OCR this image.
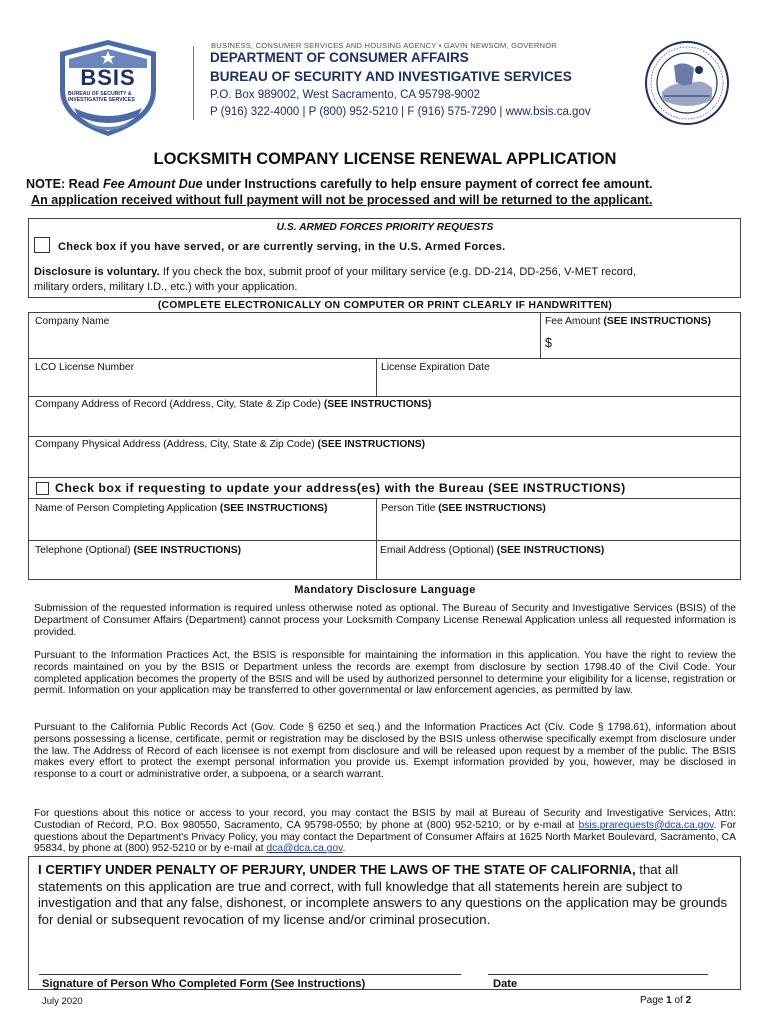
BSIS
BUREAU OF SECURITY & INVESTIGATIVE SERVICES
BUSINESS, CONSUMER SERVICES AND HOUSING AGENCY • GAVIN NEWSOM, GOVERNOR
DEPARTMENT OF CONSUMER AFFAIRS
BUREAU OF SECURITY AND INVESTIGATIVE SERVICES
P.O. Box 989002, West Sacramento, CA 95798-9002
P (916) 322-4000 | P (800) 952-5210 | F (916) 575-7290 | www.bsis.ca.gov
LOCKSMITH COMPANY LICENSE RENEWAL APPLICATION
NOTE: Read Fee Amount Due under Instructions carefully to help ensure payment of correct fee amount.
An application received without full payment will not be processed and will be returned to the applicant.
U.S. ARMED FORCES PRIORITY REQUESTS
Check box if you have served, or are currently serving, in the U.S. Armed Forces.
Disclosure is voluntary. If you check the box, submit proof of your military service (e.g. DD-214, DD-256, V-MET record,
military orders, military I.D., etc.) with your application.
(COMPLETE ELECTRONICALLY ON COMPUTER OR PRINT CLEARLY IF HANDWRITTEN)
Company Name	Fee Amount (SEE INSTRUCTIONS)
$
LCO License Number	License Expiration Date
Company Address of Record (Address, City, State & Zip Code) (SEE INSTRUCTIONS)
Company Physical Address (Address, City, State & Zip Code) (SEE INSTRUCTIONS)
Check box if requesting to update your address(es) with the Bureau (SEE INSTRUCTIONS)
Name of Person Completing Application (SEE INSTRUCTIONS)	Person Title (SEE INSTRUCTIONS)
Telephone (Optional) (SEE INSTRUCTIONS)	Email Address (Optional) (SEE INSTRUCTIONS)
Mandatory Disclosure Language
Submission of the requested information is required unless otherwise noted as optional. The Bureau of Security and Investigative Services (BSIS) of the Department of Consumer Affairs (Department) cannot process your Locksmith Company License Renewal Application unless all requested information is provided.
Pursuant to the Information Practices Act, the BSIS is responsible for maintaining the information in this application. You have the right to review the records maintained on you by the BSIS or Department unless the records are exempt from disclosure by section 1798.40 of the Civil Code. Your completed application becomes the property of the BSIS and will be used by authorized personnel to determine your eligibility for a license, registration or permit. Information on your application may be transferred to other governmental or law enforcement agencies, as permitted by law.
Pursuant to the California Public Records Act (Gov. Code § 6250 et seq.) and the Information Practices Act (Civ. Code § 1798.61), information about persons possessing a license, certificate, permit or registration may be disclosed by the BSIS unless otherwise specifically exempt from disclosure under the law. The Address of Record of each licensee is not exempt from disclosure and will be released upon request by a member of the public. The BSIS makes every effort to protect the exempt personal information you provide us. Exempt information provided by you, however, may be disclosed in response to a court or administrative order, a subpoena, or a search warrant.
For questions about this notice or access to your record, you may contact the BSIS by mail at Bureau of Security and Investigative Services, Attn: Custodian of Record, P.O. Box 980550, Sacramento, CA 95798-0550; by phone at (800) 952-5210; or by e-mail at bsis.prarequests@dca.ca.gov. For questions about the Department's Privacy Policy, you may contact the Department of Consumer Affairs at 1625 North Market Boulevard, Sacramento, CA 95834, by phone at (800) 952-5210 or by e-mail at dca@dca.ca.gov.
I CERTIFY UNDER PENALTY OF PERJURY, UNDER THE LAWS OF THE STATE OF CALIFORNIA, that all statements on this application are true and correct, with full knowledge that all statements herein are subject to investigation and that any false, dishonest, or incomplete answers to any questions on the application may be grounds for denial or subsequent revocation of my license and/or criminal prosecution.
Signature of Person Who Completed Form (See Instructions)	Date
July 2020	Page 1 of 2
